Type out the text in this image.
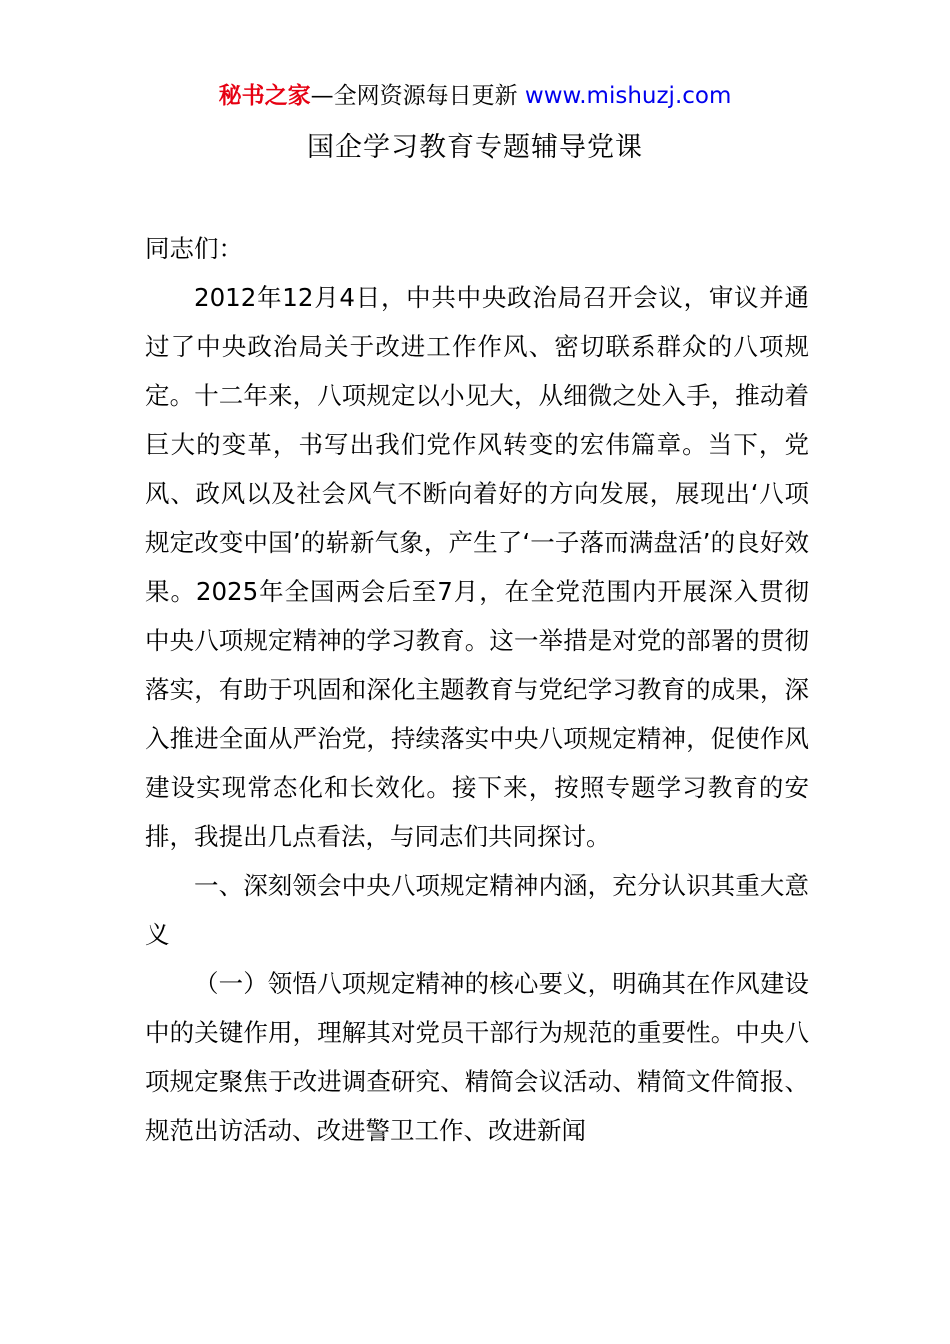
秘书之家—全网资源每日更新 www.mishuzj.com
国企学习教育专题辅导党课

同志们：

2012年12月4日，中共中央政治局召开会议，审议并通过了中央政治局关于改进工作作风、密切联系群众的八项规定。十二年来，八项规定以小见大，从细微之处入手，推动着巨大的变革，书写出我们党作风转变的宏伟篇章。当下，党风、政风以及社会风气不断向着好的方向发展，展现出‘八项规定改变中国’的崭新气象，产生了‘一子落而满盘活’的良好效果。2025年全国两会后至7月，在全党范围内开展深入贯彻中央八项规定精神的学习教育。这一举措是对党的部署的贯彻落实，有助于巩固和深化主题教育与党纪学习教育的成果，深入推进全面从严治党，持续落实中央八项规定精神，促使作风建设实现常态化和长效化。接下来，按照专题学习教育的安排，我提出几点看法，与同志们共同探讨。

一、深刻领会中央八项规定精神内涵，充分认识其重大意义

（一）领悟八项规定精神的核心要义，明确其在作风建设中的关键作用，理解其对党员干部行为规范的重要性。中央八项规定聚焦于改进调查研究、精简会议活动、精简文件简报、规范出访活动、改进警卫工作、改进新闻
